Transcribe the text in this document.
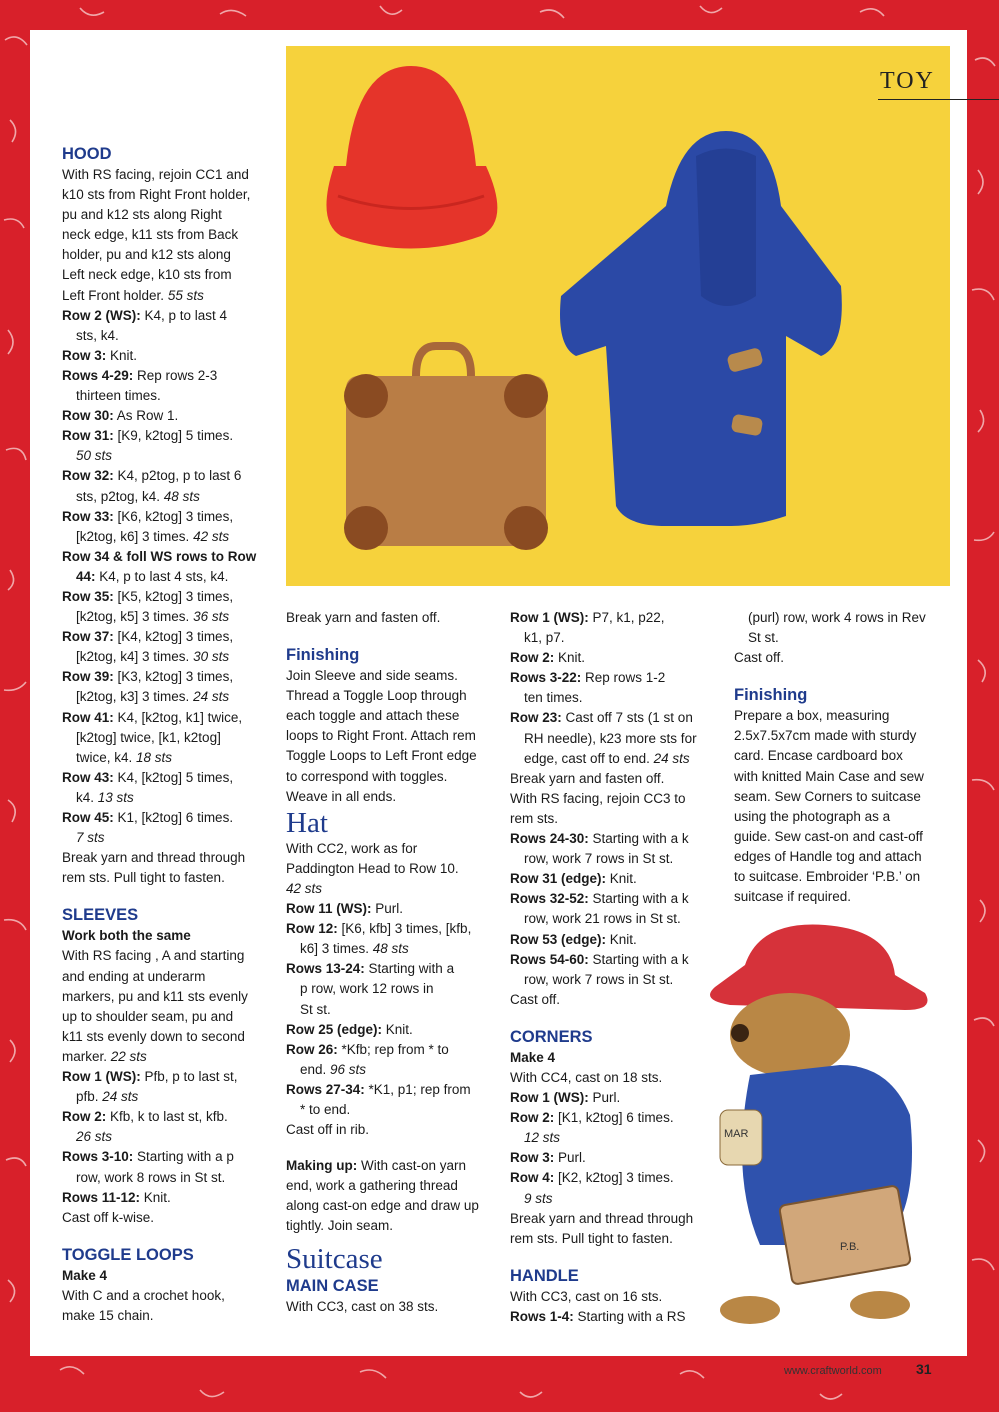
TOY

HOOD

With RS facing, rejoin CC1 and

k10 sts from Right Front holder,

pu and k12 sts along Right

neck edge, k11 sts from Back

holder, pu and k12 sts along

Left neck edge, k10 sts from

Left Front holder. 55 sts

Row 2 (WS): K4, p to last 4

sts, k4.

Row 3: Knit.

Rows 4-29: Rep rows 2-3

thirteen times.

Row 30: As Row 1.

Row 31: [K9, k2tog] 5 times.

50 sts

Row 32: K4, p2tog, p to last 6

sts, p2tog, k4. 48 sts

Row 33: [K6, k2tog] 3 times,

[k2tog, k6] 3 times. 42 sts

Row 34 & foll WS rows to Row

44: K4, p to last 4 sts, k4.

Row 35: [K5, k2tog] 3 times,

[k2tog, k5] 3 times. 36 sts

Row 37: [K4, k2tog] 3 times,

[k2tog, k4] 3 times. 30 sts

Row 39: [K3, k2tog] 3 times,

[k2tog, k3] 3 times. 24 sts

Row 41: K4, [k2tog, k1] twice,

[k2tog] twice, [k1, k2tog]

twice, k4. 18 sts

Row 43: K4, [k2tog] 5 times,

k4. 13 sts

Row 45: K1, [k2tog] 6 times.

7 sts

Break yarn and thread through

rem sts. Pull tight to fasten.

SLEEVES

Work both the same

With RS facing , A and starting

and ending at underarm

markers, pu and k11 sts evenly

up to shoulder seam, pu and

k11 sts evenly down to second

marker. 22 sts

Row 1 (WS): Pfb, p to last st,

pfb. 24 sts

Row 2: Kfb, k to last st, kfb.

26 sts

Rows 3-10: Starting with a p

row, work 8 rows in St st.

Rows 11-12: Knit.

Cast off k-wise.

TOGGLE LOOPS

Make 4

With C and a crochet hook,

make 15 chain.

Break yarn and fasten off.

Finishing

Join Sleeve and side seams.

Thread a Toggle Loop through

each toggle and attach these

loops to Right Front. Attach rem

Toggle Loops to Left Front edge

to correspond with toggles.

Weave in all ends.

Hat

With CC2, work as for

Paddington Head to Row 10.

42 sts

Row 11 (WS): Purl.

Row 12: [K6, kfb] 3 times, [kfb,

k6] 3 times. 48 sts

Rows 13-24: Starting with a

p row, work 12 rows in

St st.

Row 25 (edge): Knit.

Row 26: *Kfb; rep from * to

end. 96 sts

Rows 27-34: *K1, p1; rep from

* to end.

Cast off in rib.

Making up: With cast-on yarn

end, work a gathering thread

along cast-on edge and draw up

tightly. Join seam.

Suitcase

MAIN CASE

With CC3, cast on 38 sts.

Row 1 (WS): P7, k1, p22,

k1, p7.

Row 2: Knit.

Rows 3-22: Rep rows 1-2

ten times.

Row 23: Cast off 7 sts (1 st on

RH needle), k23 more sts for

edge, cast off to end. 24 sts

Break yarn and fasten off.

With RS facing, rejoin CC3 to

rem sts.

Rows 24-30: Starting with a k

row, work 7 rows in St st.

Row 31 (edge): Knit.

Rows 32-52: Starting with a k

row, work 21 rows in St st.

Row 53 (edge): Knit.

Rows 54-60: Starting with a k

row, work 7 rows in St st.

Cast off.

CORNERS

Make 4

With CC4, cast on 18 sts.

Row 1 (WS): Purl.

Row 2: [K1, k2tog] 6 times.

12 sts

Row 3: Purl.

Row 4: [K2, k2tog] 3 times.

9 sts

Break yarn and thread through

rem sts. Pull tight to fasten.

HANDLE

With CC3, cast on 16 sts.

Rows 1-4: Starting with a RS

(purl) row, work 4 rows in Rev

St st.

Cast off.

Finishing

Prepare a box, measuring

2.5x7.5x7cm made with sturdy

card. Encase cardboard box

with knitted Main Case and sew

seam. Sew Corners to suitcase

using the photograph as a

guide. Sew cast-on and cast-off

edges of Handle tog and attach

to suitcase. Embroider ‘P.B.’ on

suitcase if required.

MAR
P.B.
www.craftworld.com 31
